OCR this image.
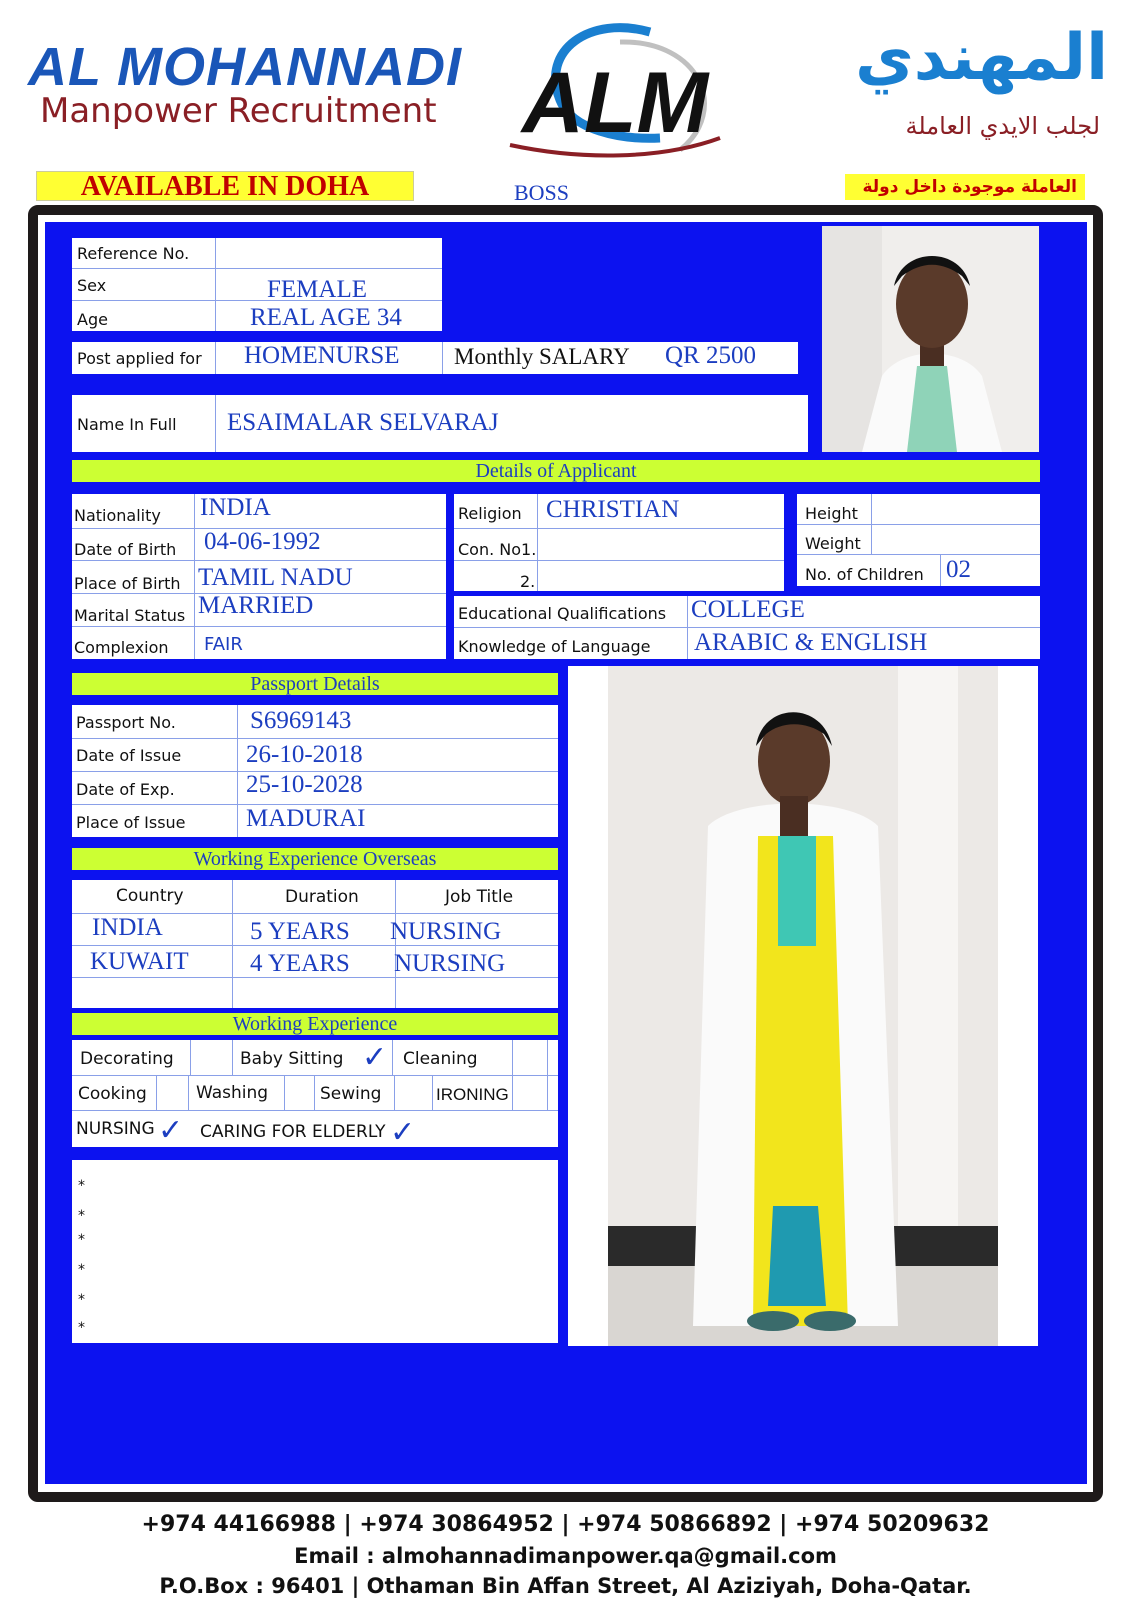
AL MOHANNADI
Manpower Recruitment ALM	المهندي
لجلب الايدي العاملة
AVAILABLE IN DOHA	BOSS	العاملة موجودة داخل دولة
Reference No.
Sex	FEMALE
Age	REAL AGE 34
Post applied for HOMENURSE Monthly SALARY QR 2500
Name In Full ESAIMALAR SELVARAJ
Details of Applicant
Nationality INDIA
Date of Birth 04-06-1992
Place of Birth TAMIL NADU
Marital Status MARRIED
Complexion FAIR
Religion CHRISTIAN
Con. No1.
2.
Height
Weight
No. of Children 02
Educational Qualifications COLLEGE
Knowledge of Language ARABIC & ENGLISH
Passport Details
Passport No.	S6969143
Date of Issue	26-10-2018
Date of Exp.	25-10-2028
Place of Issue MADURAI
Working Experience Overseas
Country	Duration	Job Title
INDIA	5 YEARS NURSING
KUWAIT 4 YEARS NURSING
Working Experience
Decorating	Baby Sitting ✓ Cleaning
Cooking	Washing	Sewing	IRONING
NURSING ✓ CARING FOR ELDERLY ✓
*
*
*
*
*
*
+974 44166988 | +974 30864952 | +974 50866892 | +974 50209632
Email : almohannadimanpower.qa@gmail.com
P.O.Box : 96401 | Othaman Bin Affan Street, Al Aziziyah, Doha-Qatar.
